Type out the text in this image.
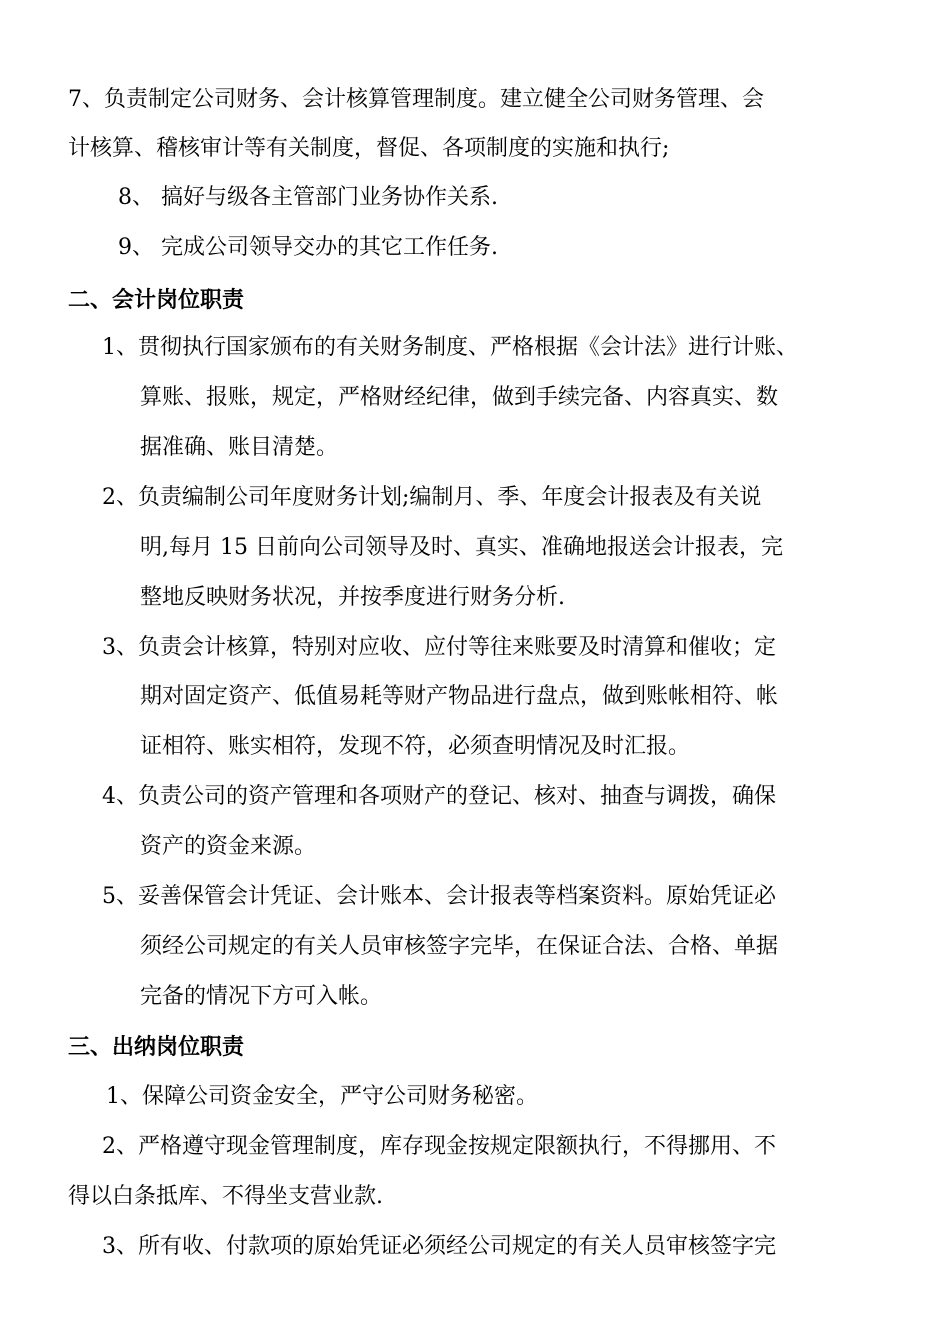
7、负责制定公司财务、会计核算管理制度。建立健全公司财务管理、会
计核算、稽核审计等有关制度，督促、各项制度的实施和执行;
8、 搞好与级各主管部门业务协作关系.
9、 完成公司领导交办的其它工作任务.
二、会计岗位职责
1、贯彻执行国家颁布的有关财务制度、严格根据《会计法》进行计账、
算账、报账，规定，严格财经纪律，做到手续完备、内容真实、数
据准确、账目清楚。
2、负责编制公司年度财务计划;编制月、季、年度会计报表及有关说
明,每月 15 日前向公司领导及时、真实、准确地报送会计报表，完
整地反映财务状况，并按季度进行财务分析.
3、负责会计核算，特别对应收、应付等往来账要及时清算和催收；定
期对固定资产、低值易耗等财产物品进行盘点，做到账帐相符、帐
证相符、账实相符，发现不符，必须查明情况及时汇报。
4、负责公司的资产管理和各项财产的登记、核对、抽查与调拨，确保
资产的资金来源。
5、妥善保管会计凭证、会计账本、会计报表等档案资料。原始凭证必
须经公司规定的有关人员审核签字完毕，在保证合法、合格、单据
完备的情况下方可入帐。
三、出纳岗位职责
1、保障公司资金安全，严守公司财务秘密。
2、严格遵守现金管理制度，库存现金按规定限额执行，不得挪用、不
得以白条抵库、不得坐支营业款.
3、所有收、付款项的原始凭证必须经公司规定的有关人员审核签字完
